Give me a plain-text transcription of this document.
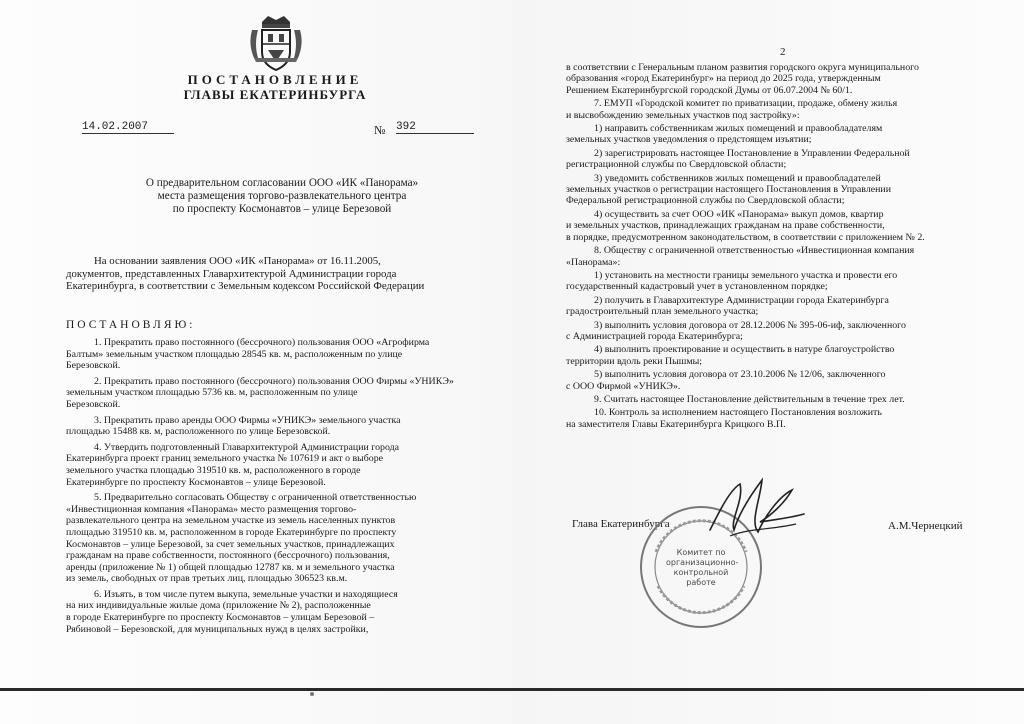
ПОСТАНОВЛЕНИЕ
ГЛАВЫ ЕКАТЕРИНБУРГА
14.02.2007	№ 392
О предварительном согласовании ООО «ИК «Панорама»
места размещения торгово-развлекательного центра
по проспекту Космонавтов – улице Березовой
На основании заявления ООО «ИК «Панорама» от 16.11.2005,
документов, представленных Главархитектурой Администрации города
Екатеринбурга, в соответствии с Земельным кодексом Российской Федерации
ПОСТАНОВЛЯЮ:
1. Прекратить право постоянного (бессрочного) пользования ООО «Агрофирма
Балтым» земельным участком площадью 28545 кв. м, расположенным по улице
Березовской.
2. Прекратить право постоянного (бессрочного) пользования ООО Фирмы «УНИКЭ»
земельным участком площадью 5736 кв. м, расположенным по улице
Березовской.
3. Прекратить право аренды ООО Фирмы «УНИКЭ» земельного участка
площадью 15488 кв. м, расположенного по улице Березовской.
4. Утвердить подготовленный Главархитектурой Администрации города
Екатеринбурга проект границ земельного участка № 107619 и акт о выборе
земельного участка площадью 319510 кв. м, расположенного в городе
Екатеринбурге по проспекту Космонавтов – улице Березовой.
5. Предварительно согласовать Обществу с ограниченной ответственностью
«Инвестиционная компания «Панорама» место размещения торгово-
развлекательного центра на земельном участке из земель населенных пунктов
площадью 319510 кв. м, расположенном в городе Екатеринбурге по проспекту
Космонавтов – улице Березовой, за счет земельных участков, принадлежащих
гражданам на праве собственности, постоянного (бессрочного) пользования,
аренды (приложение № 1) общей площадью 12787 кв. м и земельного участка
из земель, свободных от прав третьих лиц, площадью 306523 кв.м.
6. Изъять, в том числе путем выкупа, земельные участки и находящиеся
на них индивидуальные жилые дома (приложение № 2), расположенные
в городе Екатеринбурге по проспекту Космонавтов – улицам Березовой –
Рябиновой – Березовской, для муниципальных нужд в целях застройки,
2
в соответствии с Генеральным планом развития городского округа муниципального
образования «город Екатеринбург» на период до 2025 года, утвержденным
Решением Екатеринбургской городской Думы от 06.07.2004 № 60/1.
7. ЕМУП «Городской комитет по приватизации, продаже, обмену жилья
и высвобождению земельных участков под застройку»:
1) направить собственникам жилых помещений и правообладателям
земельных участков уведомления о предстоящем изъятии;
2) зарегистрировать настоящее Постановление в Управлении Федеральной
регистрационной службы по Свердловской области;
3) уведомить собственников жилых помещений и правообладателей
земельных участков о регистрации настоящего Постановления в Управлении
Федеральной регистрационной службы по Свердловской области;
4) осуществить за счет ООО «ИК «Панорама» выкуп домов, квартир
и земельных участков, принадлежащих гражданам на праве собственности,
в порядке, предусмотренном законодательством, в соответствии с приложением № 2.
8. Обществу с ограниченной ответственностью «Инвестиционная компания
«Панорама»:
1) установить на местности границы земельного участка и провести его
государственный кадастровый учет в установленном порядке;
2) получить в Главархитектуре Администрации города Екатеринбурга
градостроительный план земельного участка;
3) выполнить условия договора от 28.12.2006 № 395-06-иф, заключенного
с Администрацией города Екатеринбурга;
4) выполнить проектирование и осуществить в натуре благоустройство
территории вдоль реки Пышмы;
5) выполнить условия договора от 23.10.2006 № 12/06, заключенного
с ООО Фирмой «УНИКЭ».
9. Считать настоящее Постановление действительным в течение трех лет.
10. Контроль за исполнением настоящего Постановления возложить
на заместителя Главы Екатеринбурга Крицкого В.П.
Глава Екатеринбурга	А.М.Чернецкий
Комитет по
организационно-
контрольной
работе
